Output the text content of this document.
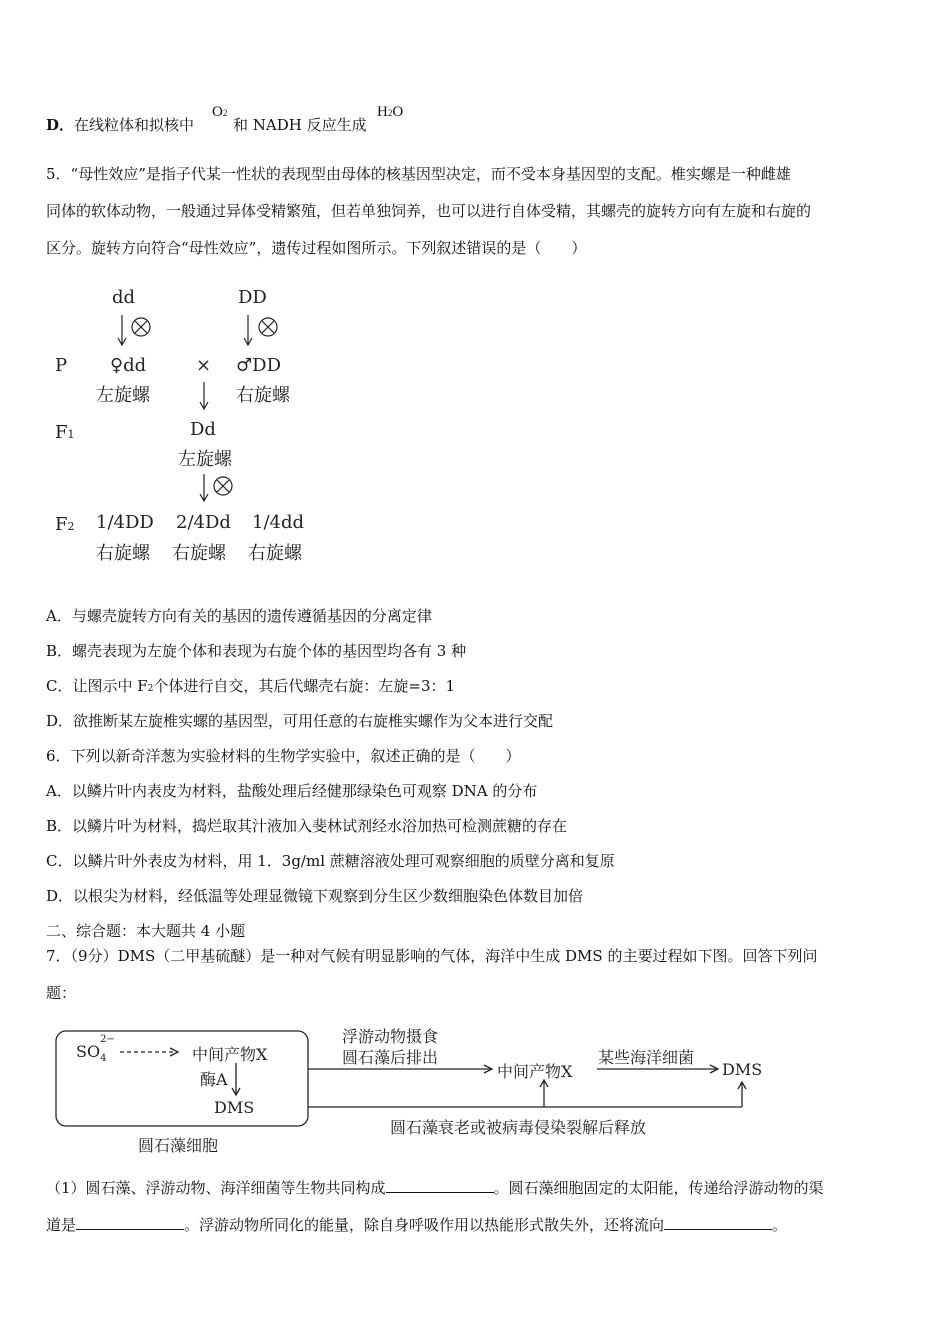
D．在线粒体和拟核中
O2
和 NADH 反应生成
H2O
5．“母性效应”是指子代某一性状的表现型由母体的核基因型决定，而不受本身基因型的支配。椎实螺是一种雌雄
同体的软体动物，一般通过异体受精繁殖，但若单独饲养，也可以进行自体受精，其螺壳的旋转方向有左旋和右旋的
区分。旋转方向符合“母性效应”，遗传过程如图所示。下列叙述错误的是（　　）
dd	DD
P ♀dd	× ♂DD
左旋螺	右旋螺
F1	Dd
左旋螺
F2 1/4DD 2/4Dd 1/4dd
右旋螺 右旋螺 右旋螺
A．与螺壳旋转方向有关的基因的遗传遵循基因的分离定律
B．螺壳表现为左旋个体和表现为右旋个体的基因型均各有 3 种
C．让图示中 F2个体进行自交，其后代螺壳右旋：左旋=3：1
D．欲推断某左旋椎实螺的基因型，可用任意的右旋椎实螺作为父本进行交配
6．下列以新奇洋葱为实验材料的生物学实验中，叙述正确的是（　　）
A．以鳞片叶内表皮为材料，盐酸处理后经健那绿染色可观察 DNA 的分布
B．以鳞片叶为材料，捣烂取其汁液加入斐林试剂经水浴加热可检测蔗糖的存在
C．以鳞片叶外表皮为材料，用 1．3g/ml 蔗糖溶液处理可观察细胞的质壁分离和复原
D．以根尖为材料，经低温等处理显微镜下观察到分生区少数细胞染色体数目加倍
二、综合题：本大题共 4 小题
7．（9分）DMS（二甲基硫醚）是一种对气候有明显影响的气体，海洋中生成 DMS 的主要过程如下图。回答下列问
题：
SO
2−
$_4$	中间产物X
酶A
DMS
圆石藻细胞
浮游动物摄食
圆石藻后排出
中间产物X
某些海洋细菌
DMS
圆石藻衰老或被病毒侵染裂解后释放
（1）圆石藻、浮游动物、海洋细菌等生物共同构成	。圆石藻细胞固定的太阳能，传递给浮游动物的渠
道是	。浮游动物所同化的能量，除自身呼吸作用以热能形式散失外，还将流向	。
